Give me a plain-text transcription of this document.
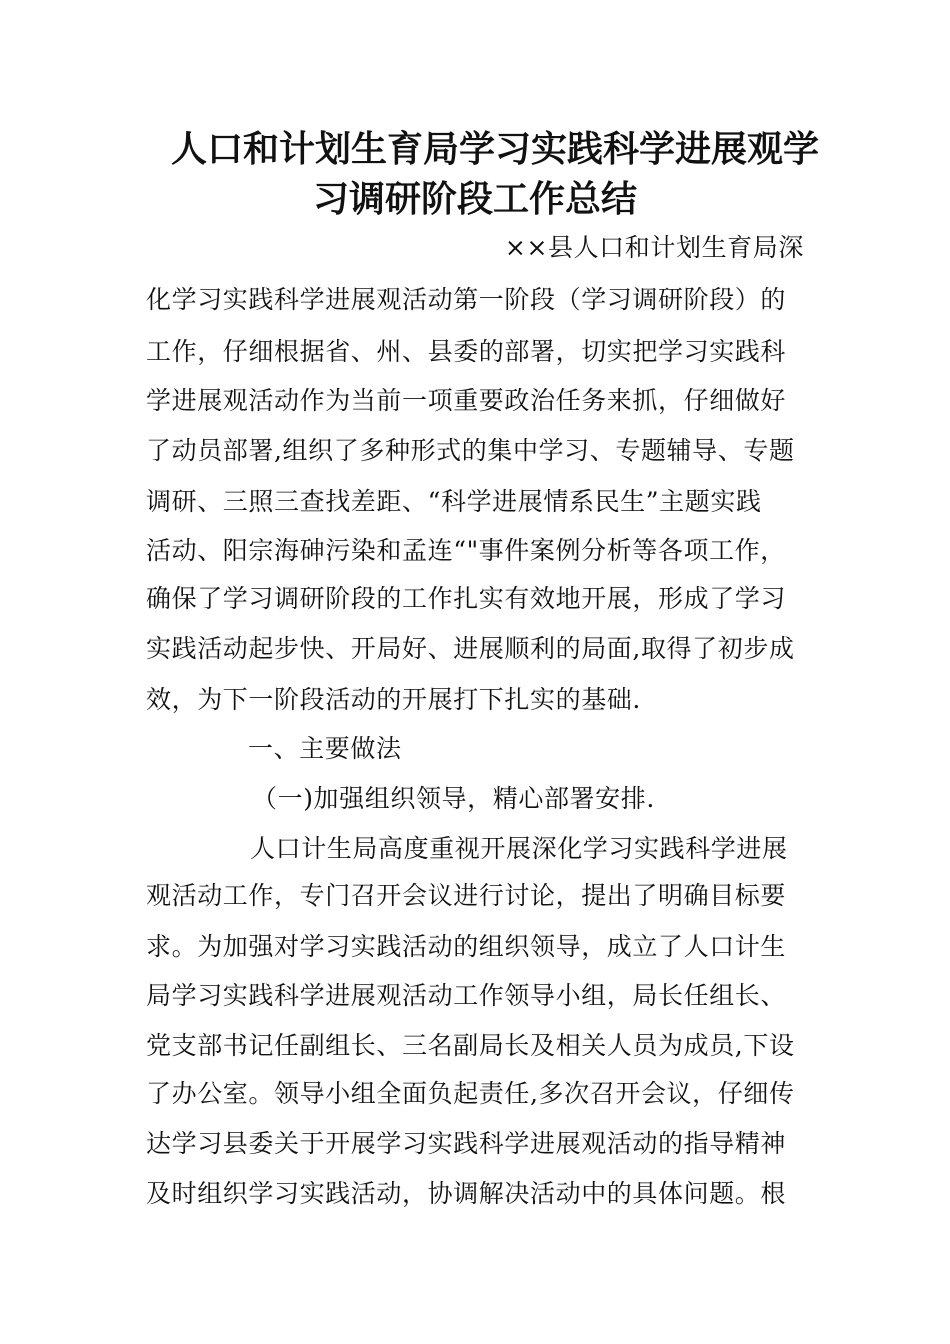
人口和计划生育局学习实践科学进展观学
习调研阶段工作总结
××县人口和计划生育局深
化学习实践科学进展观活动第一阶段（学习调研阶段）的
工作，仔细根据省、州、县委的部署，切实把学习实践科
学进展观活动作为当前一项重要政治任务来抓，仔细做好
了动员部署,组织了多种形式的集中学习、专题辅导、专题
调研、三照三查找差距、“科学进展情系民生”主题实践
活动、阳宗海砷污染和孟连“"事件案例分析等各项工作，
确保了学习调研阶段的工作扎实有效地开展，形成了学习
实践活动起步快、开局好、进展顺利的局面,取得了初步成
效，为下一阶段活动的开展打下扎实的基础.
一、主要做法
（一)加强组织领导，精心部署安排.
人口计生局高度重视开展深化学习实践科学进展
观活动工作，专门召开会议进行讨论，提出了明确目标要
求。为加强对学习实践活动的组织领导，成立了人口计生
局学习实践科学进展观活动工作领导小组，局长任组长、
党支部书记任副组长、三名副局长及相关人员为成员,下设
了办公室。领导小组全面负起责任,多次召开会议，仔细传
达学习县委关于开展学习实践科学进展观活动的指导精神
及时组织学习实践活动，协调解决活动中的具体问题。根
